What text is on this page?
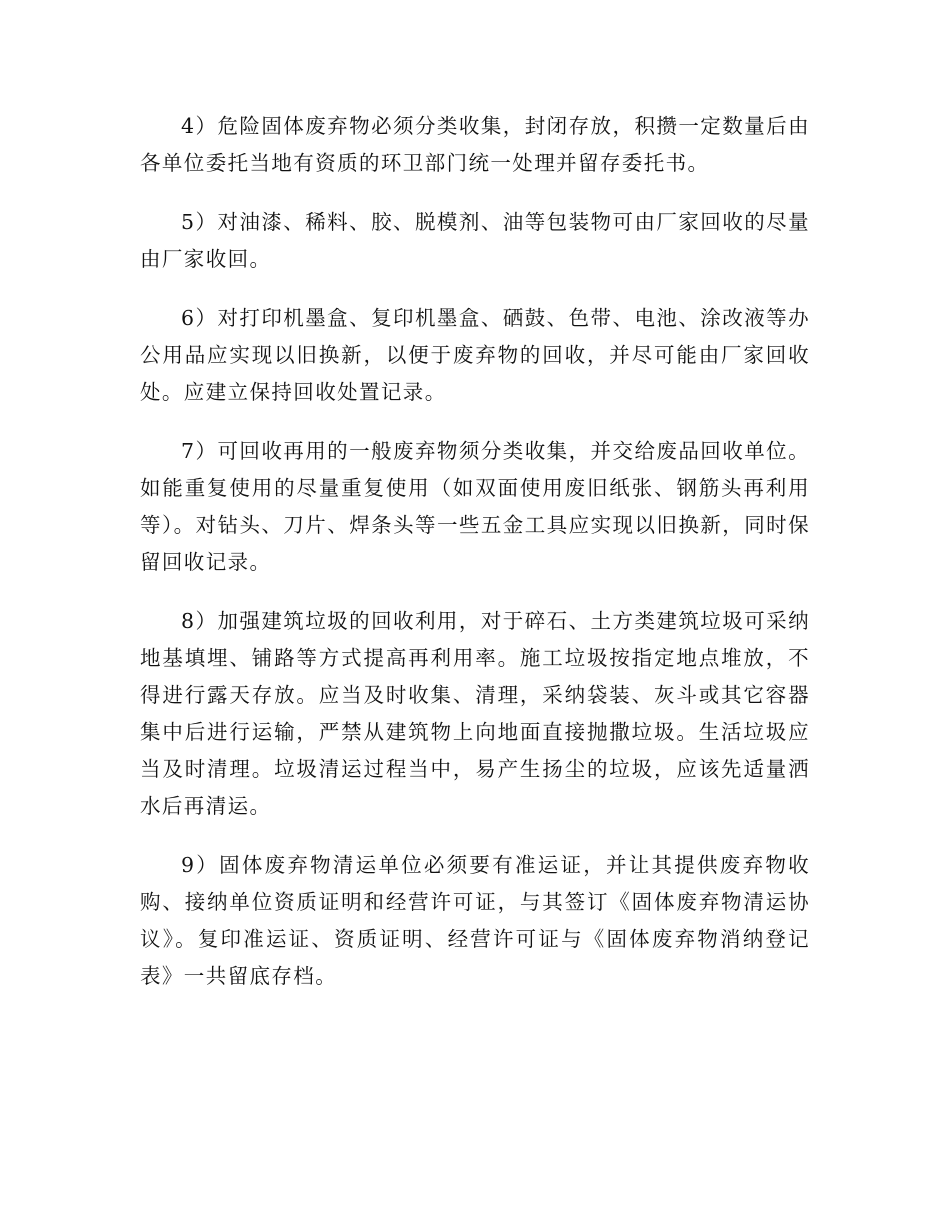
4）危险固体废弃物必须分类收集，封闭存放，积攒一定数量后由各单位委托当地有资质的环卫部门统一处理并留存委托书。

5）对油漆、稀料、胶、脱模剂、油等包装物可由厂家回收的尽量由厂家收回。

6）对打印机墨盒、复印机墨盒、硒鼓、色带、电池、涂改液等办公用品应实现以旧换新，以便于废弃物的回收，并尽可能由厂家回收处。应建立保持回收处置记录。

7）可回收再用的一般废弃物须分类收集，并交给废品回收单位。如能重复使用的尽量重复使用（如双面使用废旧纸张、钢筋头再利用等）。对钻头、刀片、焊条头等一些五金工具应实现以旧换新，同时保留回收记录。

8）加强建筑垃圾的回收利用，对于碎石、土方类建筑垃圾可采纳地基填埋、铺路等方式提高再利用率。施工垃圾按指定地点堆放，不得进行露天存放。应当及时收集、清理，采纳袋装、灰斗或其它容器集中后进行运输，严禁从建筑物上向地面直接抛撒垃圾。生活垃圾应当及时清理。垃圾清运过程当中，易产生扬尘的垃圾，应该先适量洒水后再清运。

9）固体废弃物清运单位必须要有准运证，并让其提供废弃物收购、接纳单位资质证明和经营许可证，与其签订《固体废弃物清运协议》。复印准运证、资质证明、经营许可证与《固体废弃物消纳登记表》一共留底存档。
